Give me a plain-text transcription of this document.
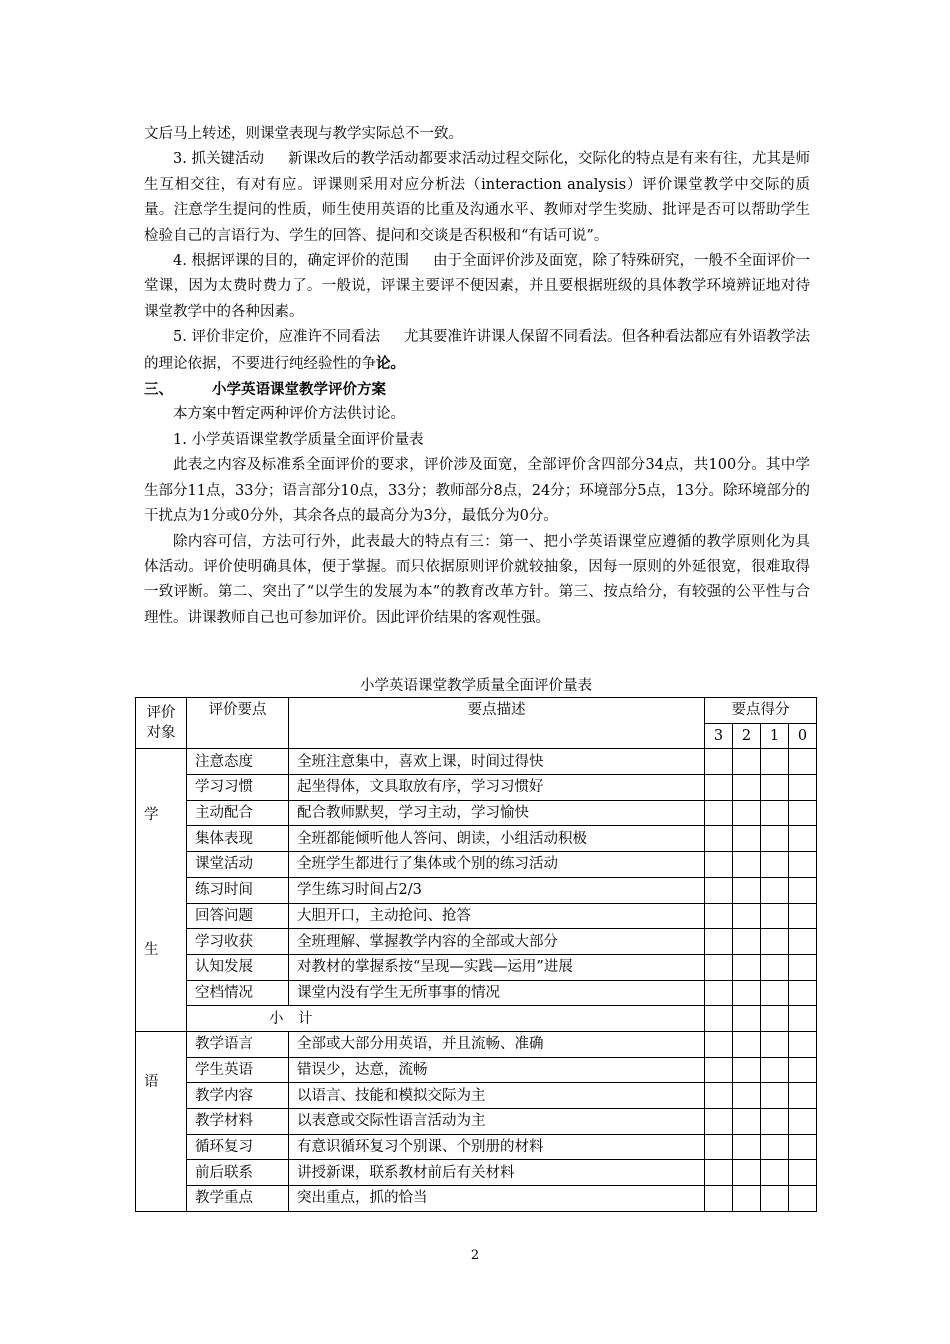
文后马上转述，则课堂表现与教学实际总不一致。

3. 抓关键活动 新课改后的教学活动都要求活动过程交际化，交际化的特点是有来有往，尤其是师生互相交往，有对有应。评课则采用对应分析法（interaction analysis）评价课堂教学中交际的质量。注意学生提问的性质，师生使用英语的比重及沟通水平、教师对学生奖励、批评是否可以帮助学生检验自己的言语行为、学生的回答、提问和交谈是否积极和“有话可说”。

4. 根据评课的目的，确定评价的范围 由于全面评价涉及面宽，除了特殊研究，一般不全面评价一堂课，因为太费时费力了。一般说，评课主要评不便因素，并且要根据班级的具体教学环境辨证地对待课堂教学中的各种因素。

5. 评价非定价，应准许不同看法 尤其要准许讲课人保留不同看法。但各种看法都应有外语教学法的理论依据，不要进行纯经验性的争论。

三、	小学英语课堂教学评价方案

本方案中暂定两种评价方法供讨论。

1. 小学英语课堂教学质量全面评价量表

此表之内容及标准系全面评价的要求，评价涉及面宽，全部评价含四部分34点，共100分。其中学生部分11点，33分；语言部分10点，33分；教师部分8点，24分；环境部分5点，13分。除环境部分的干扰点为1分或0分外，其余各点的最高分为3分，最低分为0分。

除内容可信，方法可行外，此表最大的特点有三：第一、把小学英语课堂应遵循的教学原则化为具体活动。评价使明确具体，便于掌握。而只依据原则评价就较抽象，因每一原则的外延很宽，很难取得一致评断。第二、突出了“以学生的发展为本”的教育改革方针。第三、按点给分，有较强的公平性与合理性。讲课教师自己也可参加评价。因此评价结果的客观性强。

小学英语课堂教学质量全面评价量表
评价
对象	评价要点	要点描述	要点得分			
			3	2	1	0

学
生	注意态度	全班注意集中，喜欢上课，时间过得快				
	学习习惯	起坐得体，文具取放有序，学习习惯好				
	主动配合	配合教师默契，学习主动，学习愉快				
	集体表现	全班都能倾听他人答问、朗读，小组活动积极				
	课堂活动	全班学生都进行了集体或个别的练习活动				
	练习时间	学生练习时间占2/3				
	回答问题	大胆开口，主动抢问、抢答				
	学习收获	全班理解、掌握教学内容的全部或大部分				
	认知发展	对教材的掌握系按“呈现—实践—运用”进展				
	空档情况	课堂内没有学生无所事事的情况				
	小　计					

语	教学语言	全部或大部分用英语，并且流畅、准确				
	学生英语	错误少，达意，流畅				
	教学内容	以语言、技能和模拟交际为主				
	教学材料	以表意或交际性语言活动为主				
	循环复习	有意识循环复习个别课、个别册的材料				
	前后联系	讲授新课，联系教材前后有关材料				
	教学重点	突出重点，抓的恰当				
2
